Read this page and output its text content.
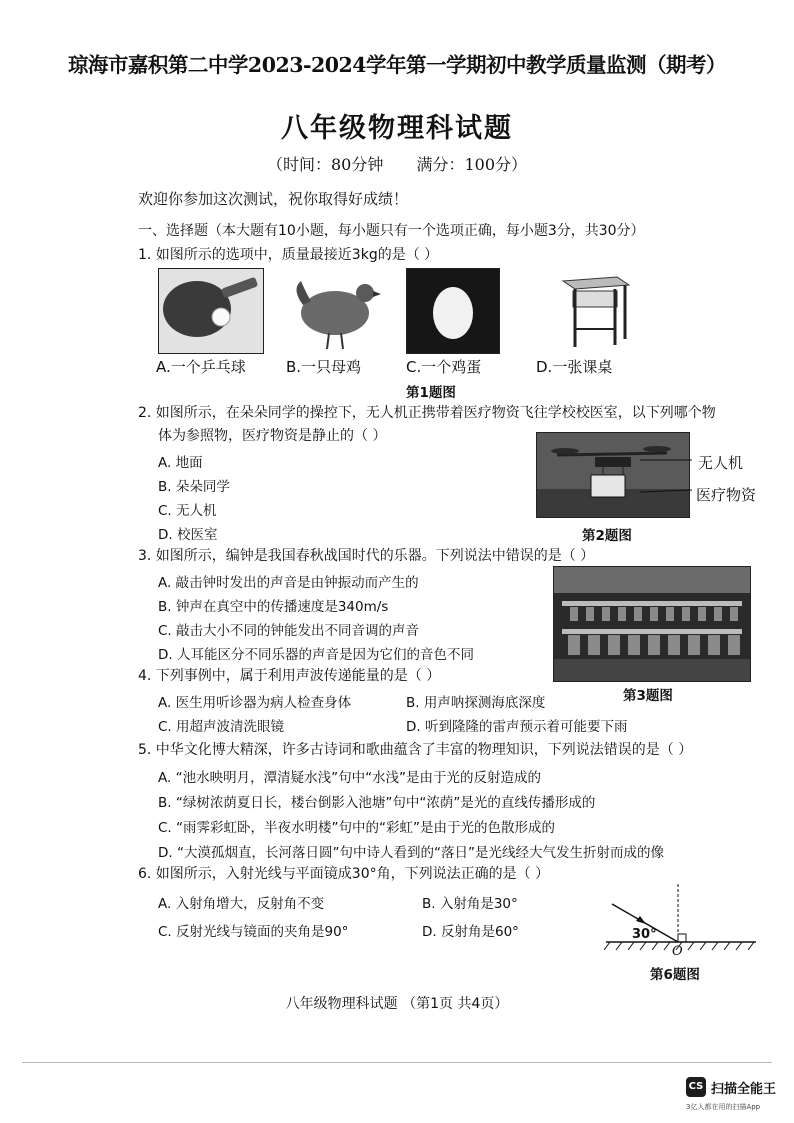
琼海市嘉积第二中学2023-2024学年第一学期初中教学质量监测（期考）
八年级物理科试题
（时间：80分钟 满分：100分）
欢迎你参加这次测试，祝你取得好成绩！
一、选择题（本大题有10小题，每小题只有一个选项正确，每小题3分，共30分）
1. 如图所示的选项中，质量最接近3kg的是（ ）
A.一个乒乓球	B.一只母鸡	C.一个鸡蛋	D.一张课桌
第1题图
2. 如图所示，在朵朵同学的操控下，无人机正携带着医疗物资飞往学校校医室，以下列哪个物
体为参照物，医疗物资是静止的（ ）
A. 地面
B. 朵朵同学
C. 无人机
D. 校医室
无人机
医疗物资
第2题图
3. 如图所示，编钟是我国春秋战国时代的乐器。下列说法中错误的是（ ）
A. 敲击钟时发出的声音是由钟振动而产生的
B. 钟声在真空中的传播速度是340m/s
C. 敲击大小不同的钟能发出不同音调的声音
D. 人耳能区分不同乐器的声音是因为它们的音色不同
第3题图
4. 下列事例中，属于利用声波传递能量的是（ ）
A. 医生用听诊器为病人检查身体	B. 用声呐探测海底深度
C. 用超声波清洗眼镜	D. 听到隆隆的雷声预示着可能要下雨
5. 中华文化博大精深，许多古诗词和歌曲蕴含了丰富的物理知识，下列说法错误的是（ ）
A. “池水映明月，潭清疑水浅”句中“水浅”是由于光的反射造成的
B. “绿树浓荫夏日长，楼台倒影入池塘”句中“浓荫”是光的直线传播形成的
C. “雨霁彩虹卧，半夜水明楼”句中的“彩虹”是由于光的色散形成的
D. “大漠孤烟直，长河落日圆”句中诗人看到的“落日”是光线经大气发生折射而成的像
6. 如图所示，入射光线与平面镜成30°角，下列说法正确的是（ ）
A. 入射角增大，反射角不变	B. 入射角是30°
C. 反射光线与镜面的夹角是90°	D. 反射角是60°	30°
O
第6题图
八年级物理科试题 （第1页 共4页）
CS 扫描全能王
3亿人都在用的扫描App
